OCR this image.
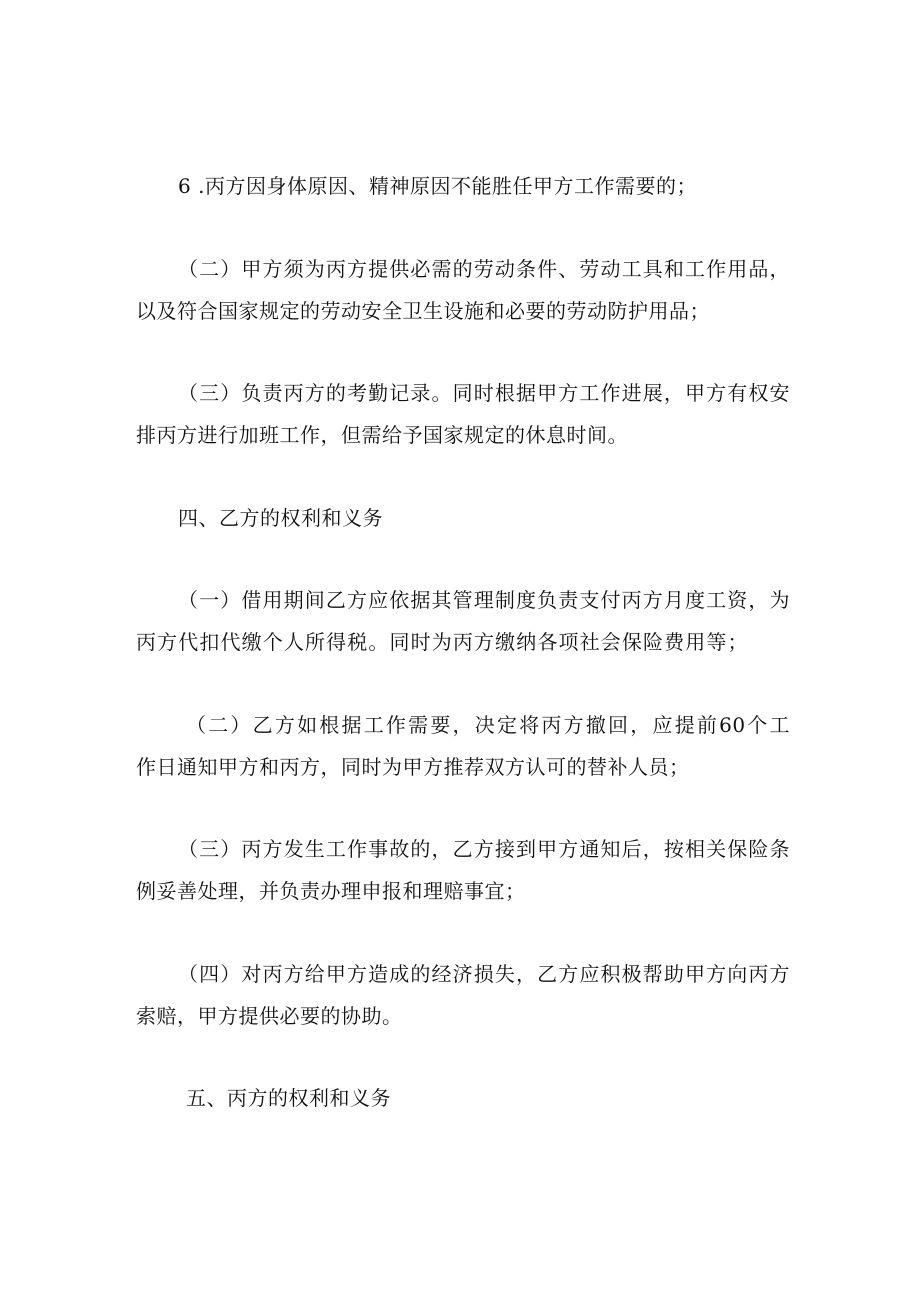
6 .丙方因身体原因、精神原因不能胜任甲方工作需要的；
（二）甲方须为丙方提供必需的劳动条件、劳动工具和工作用品，
以及符合国家规定的劳动安全卫生设施和必要的劳动防护用品；
（三）负责丙方的考勤记录。同时根据甲方工作进展，甲方有权安
排丙方进行加班工作，但需给予国家规定的休息时间。
四、乙方的权利和义务
（一）借用期间乙方应依据其管理制度负责支付丙方月度工资，为
丙方代扣代缴个人所得税。同时为丙方缴纳各项社会保险费用等；
（二）乙方如根据工作需要，决定将丙方撤回，应提前60个工
作日通知甲方和丙方，同时为甲方推荐双方认可的替补人员；
（三）丙方发生工作事故的，乙方接到甲方通知后，按相关保险条
例妥善处理，并负责办理申报和理赔事宜；
（四）对丙方给甲方造成的经济损失，乙方应积极帮助甲方向丙方
索赔，甲方提供必要的协助。
五、丙方的权利和义务
